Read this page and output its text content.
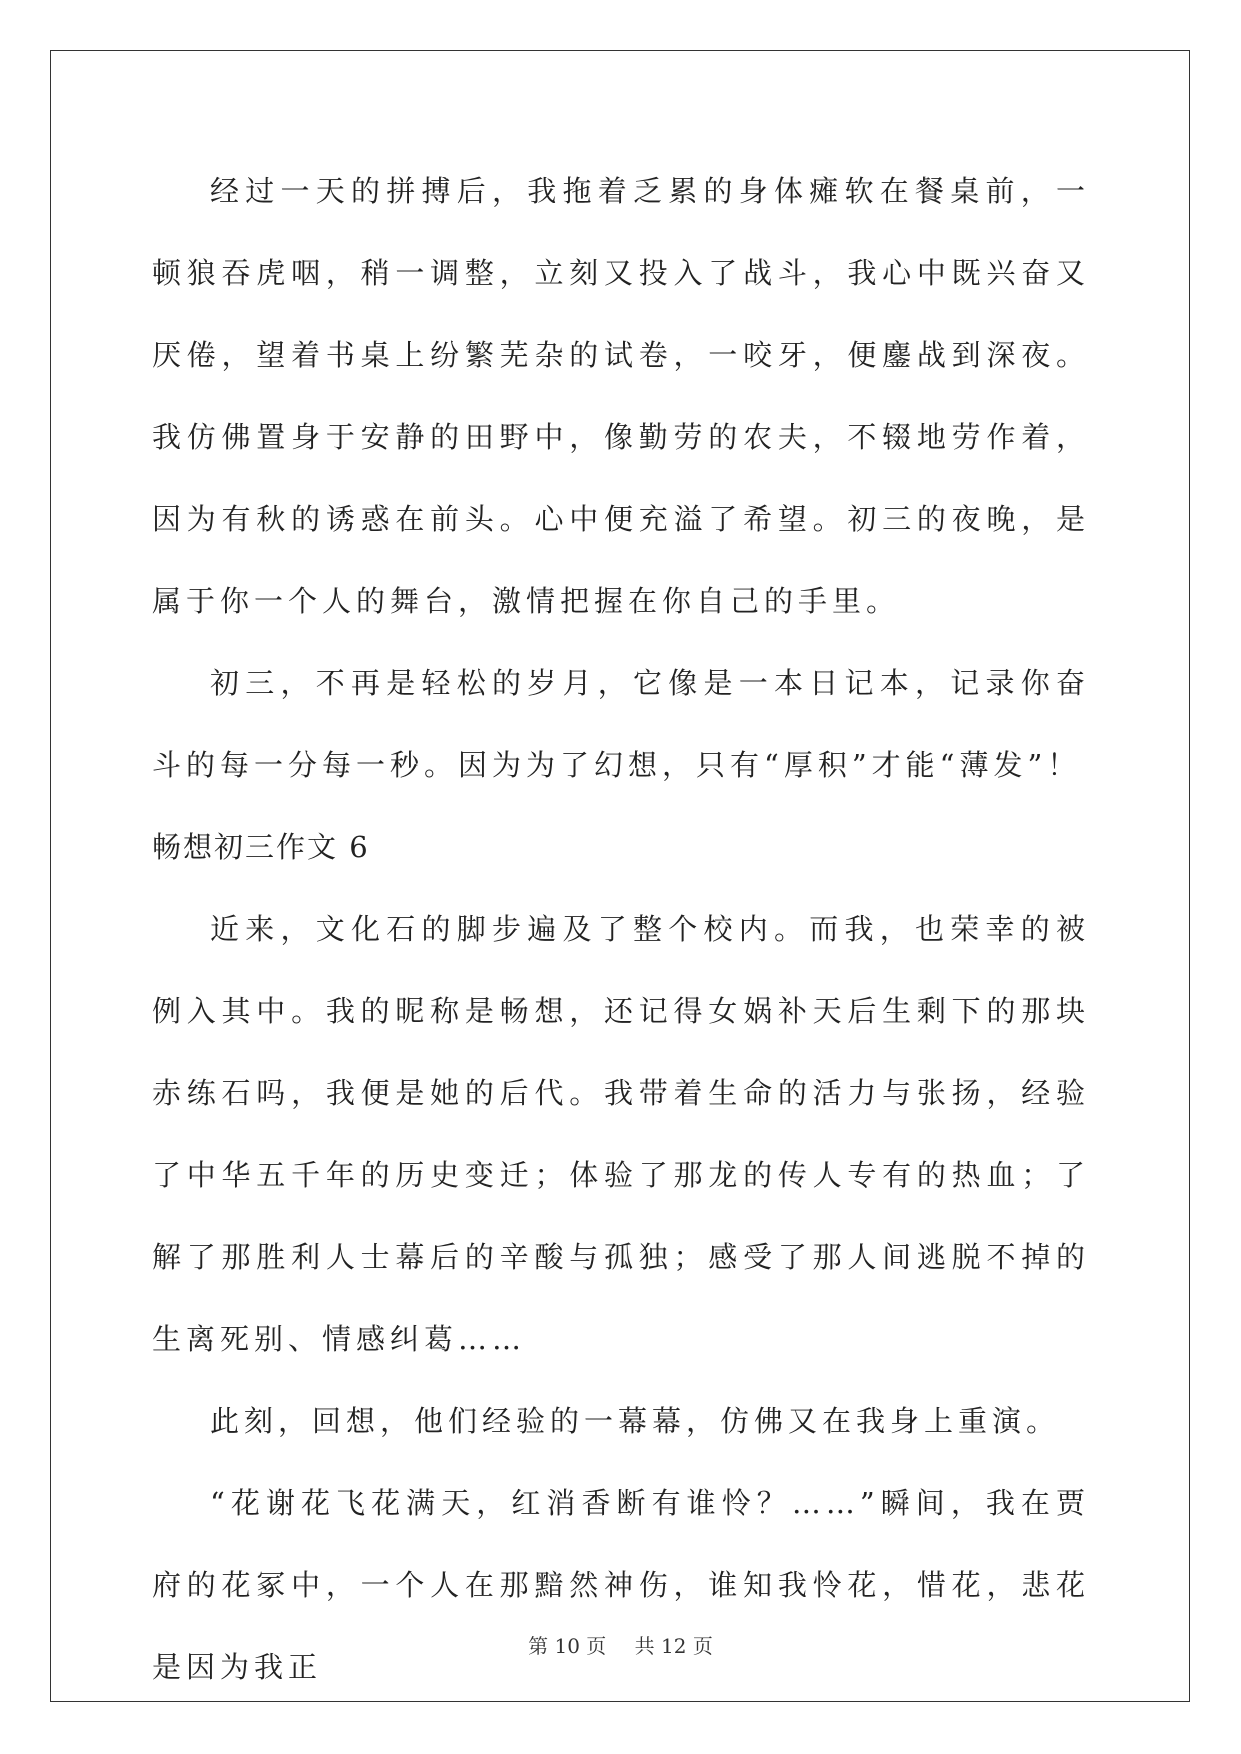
经过一天的拼搏后，我拖着乏累的身体瘫软在餐桌前，一顿狼吞虎咽，稍一调整，立刻又投入了战斗，我心中既兴奋又厌倦，望着书桌上纷繁芜杂的试卷，一咬牙，便鏖战到深夜。我仿佛置身于安静的田野中，像勤劳的农夫，不辍地劳作着，因为有秋的诱惑在前头。心中便充溢了希望。初三的夜晚，是属于你一个人的舞台，激情把握在你自己的手里。

初三，不再是轻松的岁月，它像是一本日记本，记录你奋斗的每一分每一秒。因为为了幻想，只有“厚积”才能“薄发”！

畅想初三作文 6

近来，文化石的脚步遍及了整个校内。而我，也荣幸的被例入其中。我的昵称是畅想，还记得女娲补天后生剩下的那块赤练石吗，我便是她的后代。我带着生命的活力与张扬，经验了中华五千年的历史变迁；体验了那龙的传人专有的热血；了解了那胜利人士幕后的辛酸与孤独；感受了那人间逃脱不掉的生离死别、情感纠葛……

此刻，回想，他们经验的一幕幕，仿佛又在我身上重演。

“花谢花飞花满天，红消香断有谁怜？……”瞬间，我在贾府的花冢中，一个人在那黯然神伤，谁知我怜花，惜花，悲花是因为我正

第 10 页 共 12 页
